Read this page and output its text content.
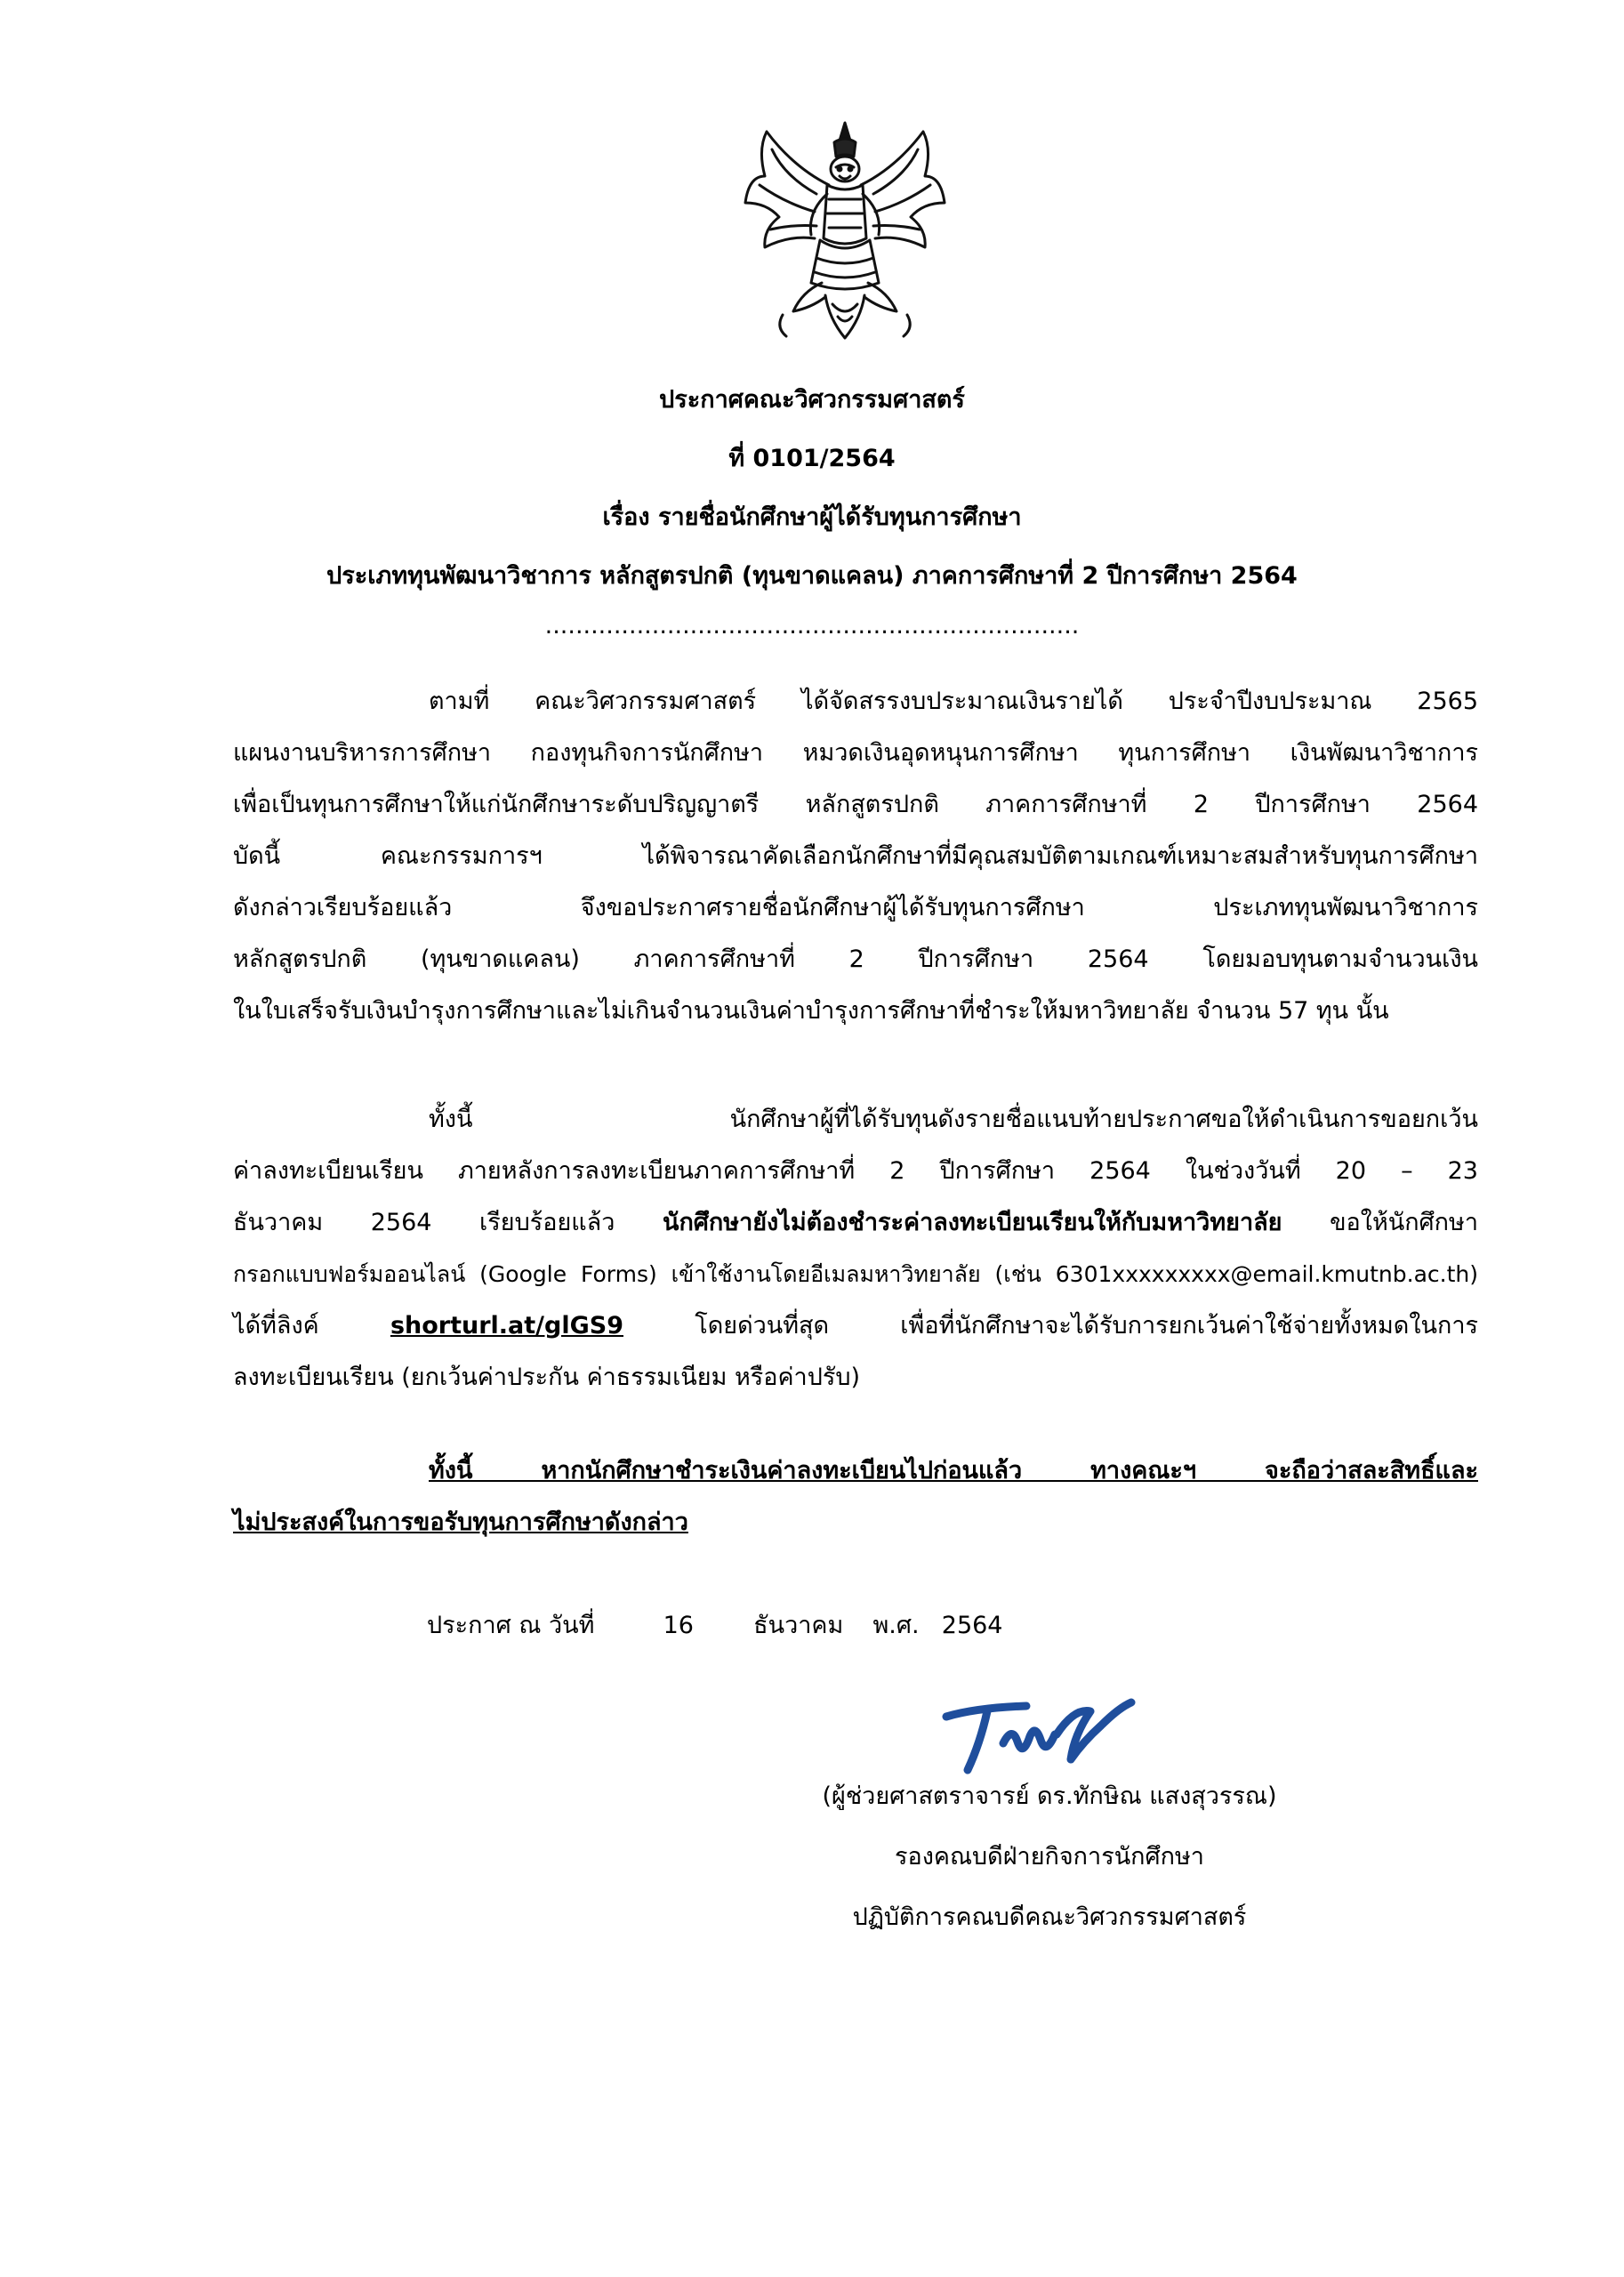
ประกาศคณะวิศวกรรมศาสตร์
ที่ 0101/2564
เรื่อง รายชื่อนักศึกษาผู้ได้รับทุนการศึกษา
ประเภททุนพัฒนาวิชาการ หลักสูตรปกติ (ทุนขาดแคลน) ภาคการศึกษาที่ 2 ปีการศึกษา 2564
......................................................................
ตามที่ คณะวิศวกรรมศาสตร์ ได้จัดสรรงบประมาณเงินรายได้ ประจำปีงบประมาณ 2565
แผนงานบริหารการศึกษา กองทุนกิจการนักศึกษา หมวดเงินอุดหนุนการศึกษา ทุนการศึกษา เงินพัฒนาวิชาการ
เพื่อเป็นทุนการศึกษาให้แก่นักศึกษาระดับปริญญาตรี หลักสูตรปกติ ภาคการศึกษาที่ 2 ปีการศึกษา 2564
บัดนี้ คณะกรรมการฯ ได้พิจารณาคัดเลือกนักศึกษาที่มีคุณสมบัติตามเกณฑ์เหมาะสมสำหรับทุนการศึกษา
ดังกล่าวเรียบร้อยแล้ว จึงขอประกาศรายชื่อนักศึกษาผู้ได้รับทุนการศึกษา ประเภททุนพัฒนาวิชาการ
หลักสูตรปกติ (ทุนขาดแคลน) ภาคการศึกษาที่ 2 ปีการศึกษา 2564 โดยมอบทุนตามจำนวนเงิน
ในใบเสร็จรับเงินบำรุงการศึกษาและไม่เกินจำนวนเงินค่าบำรุงการศึกษาที่ชำระให้มหาวิทยาลัย จำนวน 57 ทุน นั้น
ทั้งนี้ นักศึกษาผู้ที่ได้รับทุนดังรายชื่อแนบท้ายประกาศขอให้ดำเนินการขอยกเว้น
ค่าลงทะเบียนเรียน ภายหลังการลงทะเบียนภาคการศึกษาที่ 2 ปีการศึกษา 2564 ในช่วงวันที่ 20 – 23
ธันวาคม 2564 เรียบร้อยแล้ว นักศึกษายังไม่ต้องชำระค่าลงทะเบียนเรียนให้กับมหาวิทยาลัย ขอให้นักศึกษา
กรอกแบบฟอร์มออนไลน์ (Google Forms) เข้าใช้งานโดยอีเมลมหาวิทยาลัย (เช่น 6301xxxxxxxxx@email.kmutnb.ac.th)
ได้ที่ลิงค์ shorturl.at/glGS9 โดยด่วนที่สุด เพื่อที่นักศึกษาจะได้รับการยกเว้นค่าใช้จ่ายทั้งหมดในการ
ลงทะเบียนเรียน (ยกเว้นค่าประกัน ค่าธรรมเนียม หรือค่าปรับ)
ทั้งนี้ หากนักศึกษาชำระเงินค่าลงทะเบียนไปก่อนแล้ว ทางคณะฯ จะถือว่าสละสิทธิ์และ
ไม่ประสงค์ในการขอรับทุนการศึกษาดังกล่าว
ประกาศ ณ วันที่	16 ธันวาคม พ.ศ. 2564
(ผู้ช่วยศาสตราจารย์ ดร.ทักษิณ แสงสุวรรณ)
รองคณบดีฝ่ายกิจการนักศึกษา
ปฏิบัติการคณบดีคณะวิศวกรรมศาสตร์
